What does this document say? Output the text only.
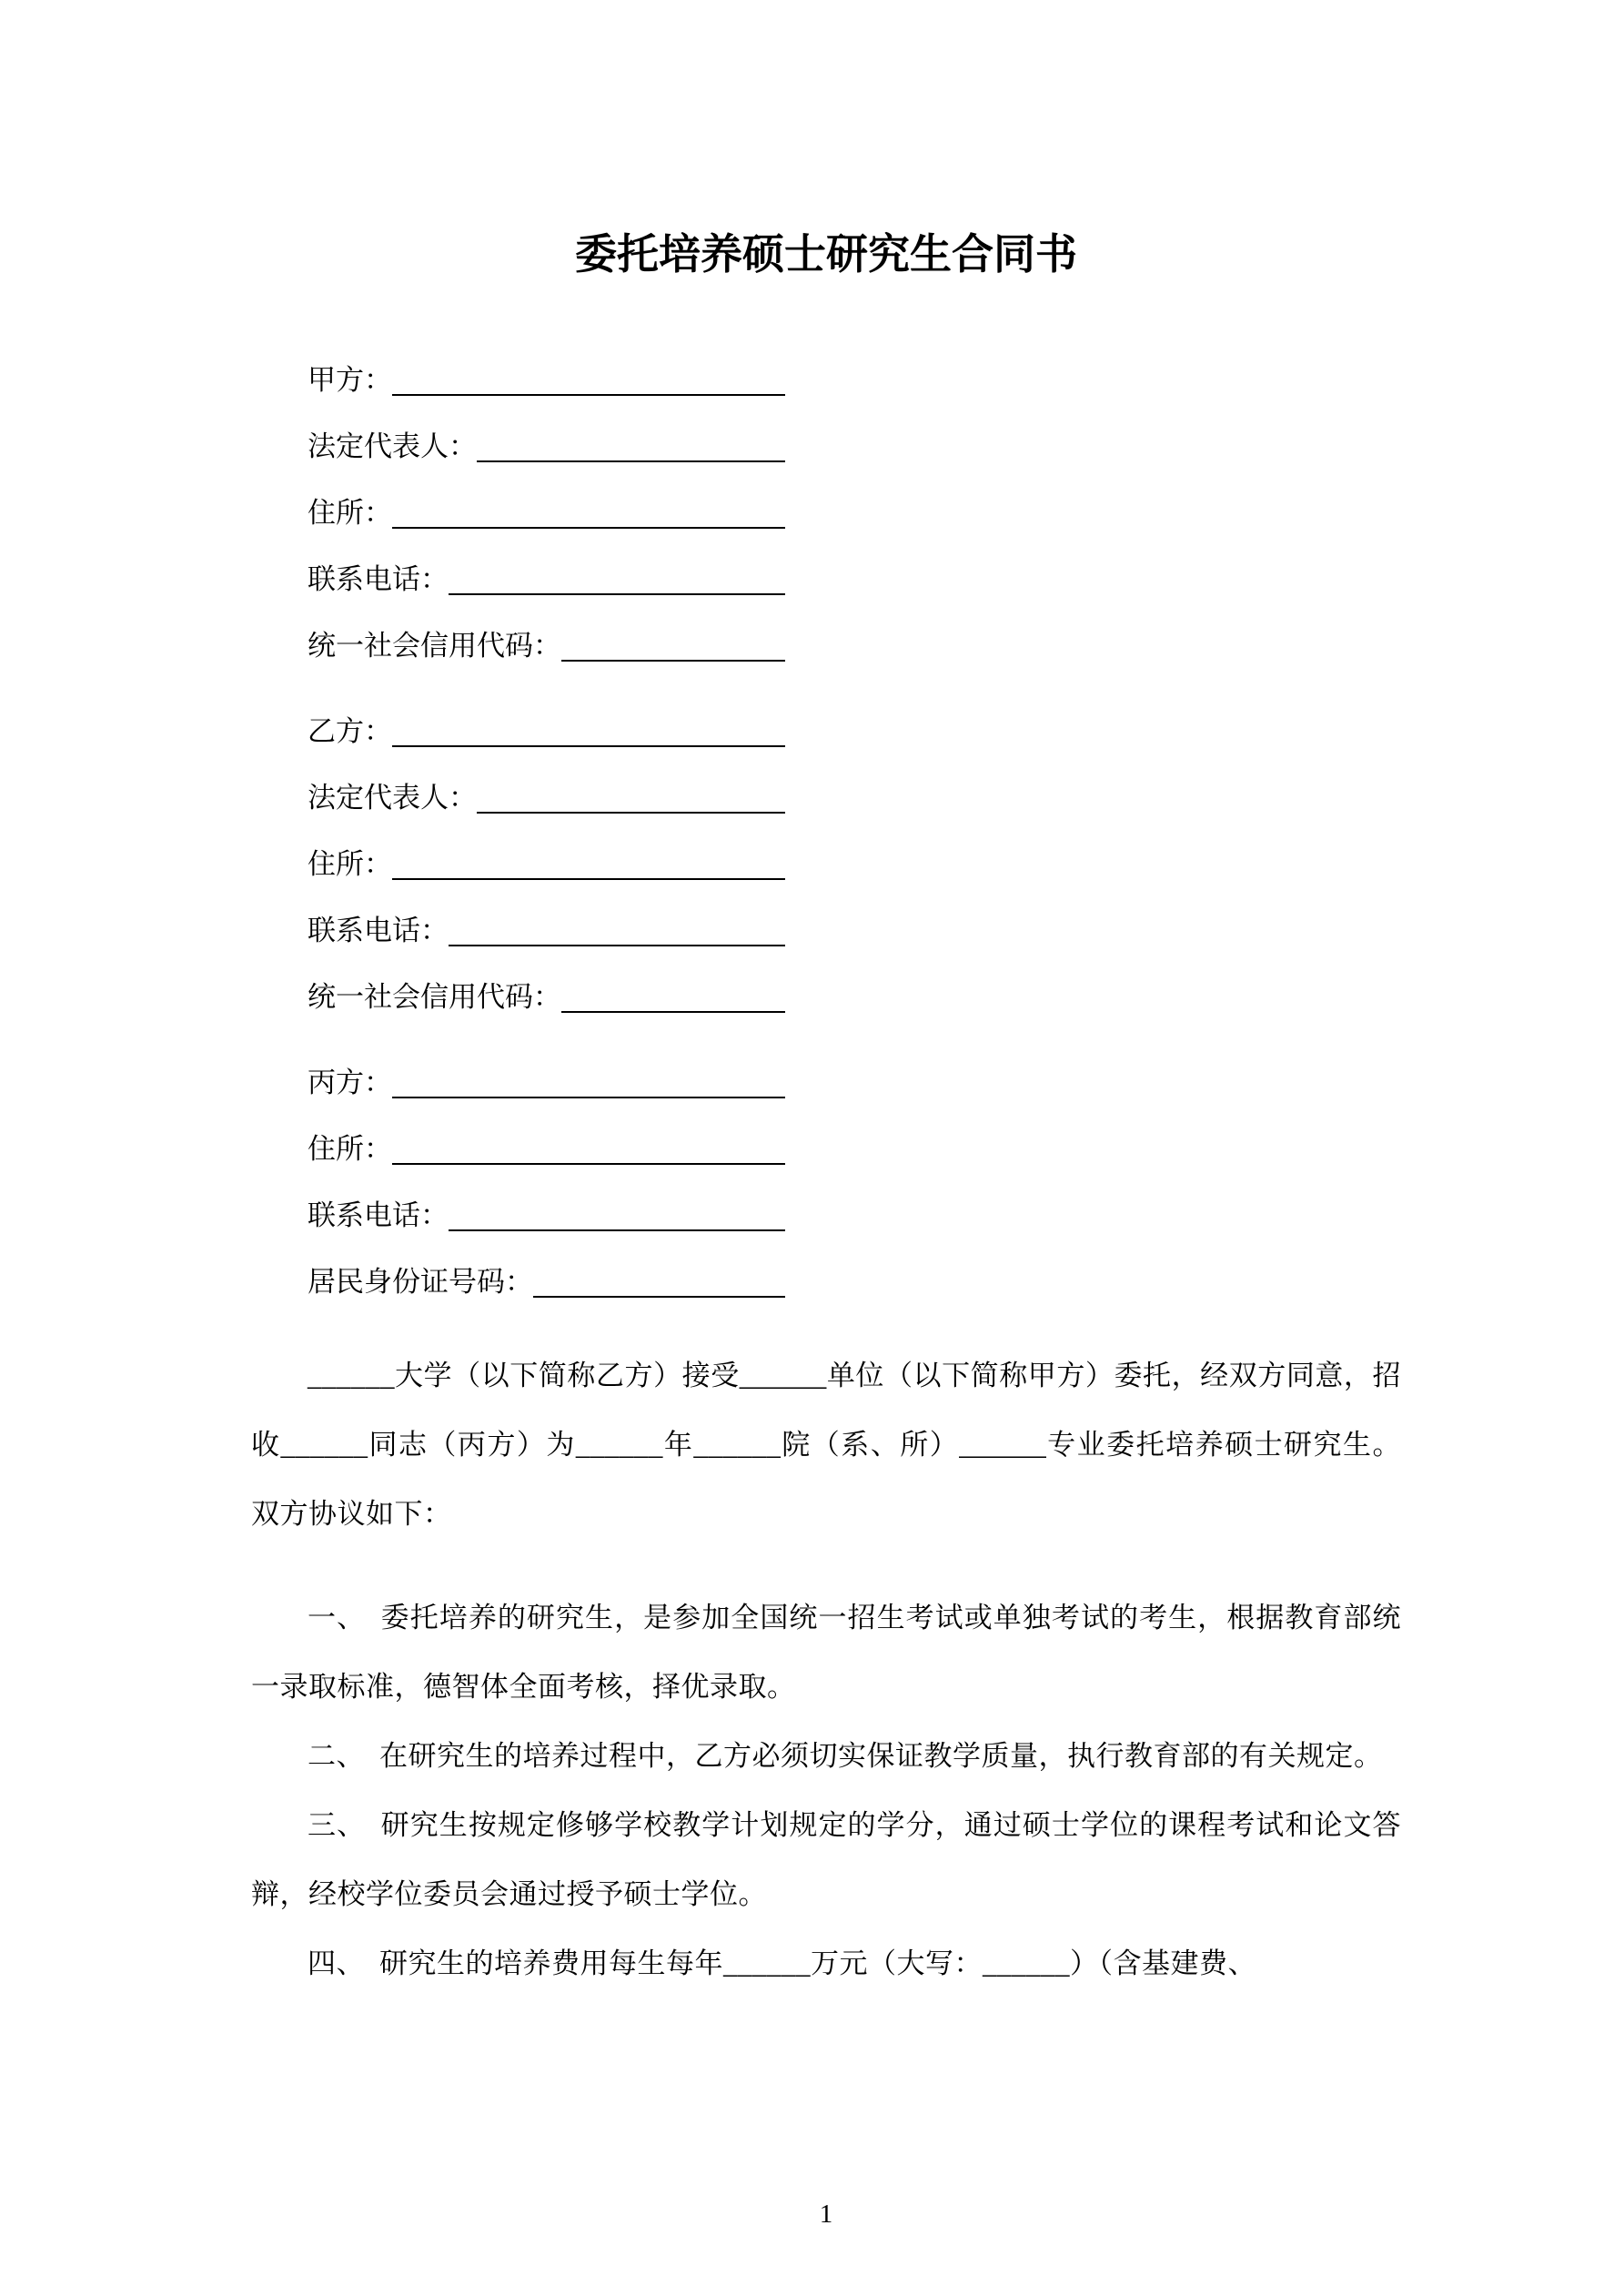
委托培养硕士研究生合同书
甲方：
法定代表人：
住所：
联系电话：
统一社会信用代码：
乙方：
法定代表人：
住所：
联系电话：
统一社会信用代码：
丙方：
住所：
联系电话：
居民身份证号码：

______大学（以下简称乙方）接受______单位（以下简称甲方）委托，经双方同意，招收______同志（丙方）为______年______院（系、所）______专业委托培养硕士研究生。双方协议如下：

一、　委托培养的研究生，是参加全国统一招生考试或单独考试的考生，根据教育部统一录取标准，德智体全面考核，择优录取。

二、　在研究生的培养过程中，乙方必须切实保证教学质量，执行教育部的有关规定。

三、　研究生按规定修够学校教学计划规定的学分，通过硕士学位的课程考试和论文答辩，经校学位委员会通过授予硕士学位。

四、　研究生的培养费用每生每年______万元（大写：______）（含基建费、

1
